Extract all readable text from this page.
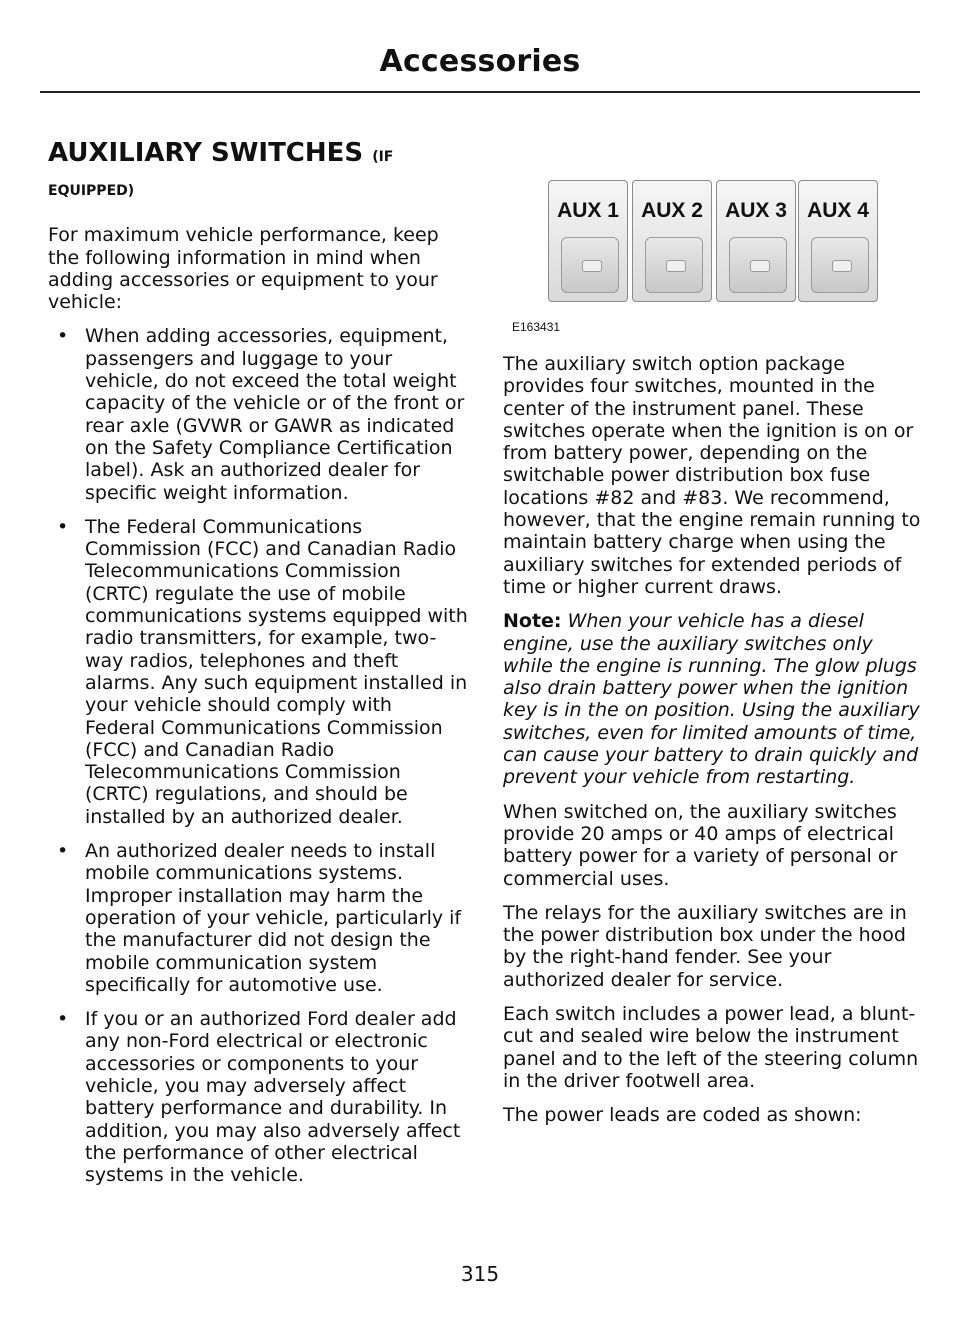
Accessories
AUXILIARY SWITCHES (IF
EQUIPPED)

For maximum vehicle performance, keep the following information in mind when adding accessories or equipment to your vehicle:

• When adding accessories, equipment, passengers and luggage to your vehicle, do not exceed the total weight capacity of the vehicle or of the front or rear axle (GVWR or GAWR as indicated on the Safety Compliance Certification label). Ask an authorized dealer for specific weight information.
• The Federal Communications Commission (FCC) and Canadian Radio Telecommunications Commission (CRTC) regulate the use of mobile communications systems equipped with radio transmitters, for example, two-way radios, telephones and theft alarms. Any such equipment installed in your vehicle should comply with Federal Communications Commission (FCC) and Canadian Radio Telecommunications Commission (CRTC) regulations, and should be installed by an authorized dealer.
• An authorized dealer needs to install mobile communications systems. Improper installation may harm the operation of your vehicle, particularly if the manufacturer did not design the mobile communication system specifically for automotive use.
• If you or an authorized Ford dealer add any non-Ford electrical or electronic accessories or components to your vehicle, you may adversely affect battery performance and durability. In addition, you may also adversely affect the performance of other electrical systems in the vehicle.
AUX 1	AUX 2	AUX 3 AUX 4
E163431

The auxiliary switch option package provides four switches, mounted in the center of the instrument panel. These switches operate when the ignition is on or from battery power, depending on the switchable power distribution box fuse locations #82 and #83. We recommend, however, that the engine remain running to maintain battery charge when using the auxiliary switches for extended periods of time or higher current draws.

Note: When your vehicle has a diesel engine, use the auxiliary switches only while the engine is running. The glow plugs also drain battery power when the ignition key is in the on position. Using the auxiliary switches, even for limited amounts of time, can cause your battery to drain quickly and prevent your vehicle from restarting.

When switched on, the auxiliary switches provide 20 amps or 40 amps of electrical battery power for a variety of personal or commercial uses.

The relays for the auxiliary switches are in the power distribution box under the hood by the right-hand fender. See your authorized dealer for service.

Each switch includes a power lead, a blunt-cut and sealed wire below the instrument panel and to the left of the steering column in the driver footwell area.

The power leads are coded as shown:

315
